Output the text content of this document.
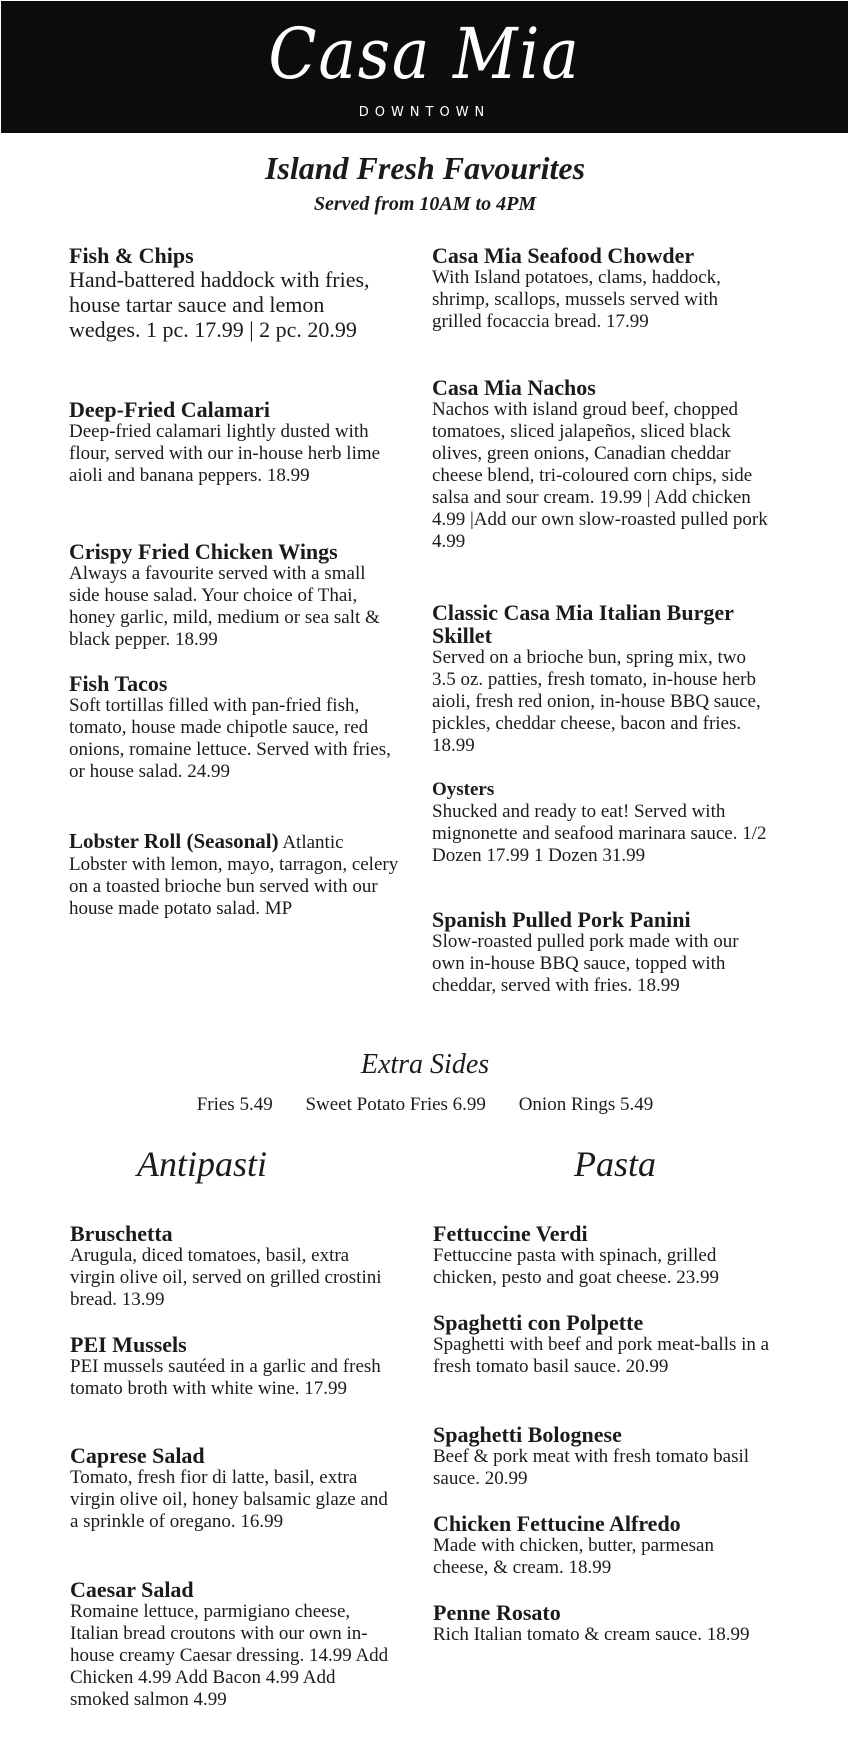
Casa Mia
DOWNTOWN
Island Fresh Favourites
Served from 10AM to 4PM
Fish & Chips
Hand-battered haddock with fries, house tartar sauce and lemon wedges. 1 pc. 17.99 | 2 pc. 20.99
Deep-Fried Calamari
Deep-fried calamari lightly dusted with flour, served with our in-house herb lime aioli and banana peppers. 18.99
Crispy Fried Chicken Wings
Always a favourite served with a small side house salad. Your choice of Thai, honey garlic, mild, medium or sea salt & black pepper. 18.99
Fish Tacos
Soft tortillas filled with pan-fried fish, tomato, house made chipotle sauce, red onions, romaine lettuce. Served with fries, or house salad. 24.99
Lobster Roll (Seasonal) Atlantic Lobster with lemon, mayo, tarragon, celery on a toasted brioche bun served with our house made potato salad. MP
Casa Mia Seafood Chowder
With Island potatoes, clams, haddock, shrimp, scallops, mussels served with grilled focaccia bread. 17.99
Casa Mia Nachos
Nachos with island groud beef, chopped tomatoes, sliced jalapeños, sliced black olives, green onions, Canadian cheddar cheese blend, tri-coloured corn chips, side salsa and sour cream. 19.99 | Add chicken 4.99 |Add our own slow-roasted pulled pork 4.99
Classic Casa Mia Italian Burger Skillet
Served on a brioche bun, spring mix, two 3.5 oz. patties, fresh tomato, in-house herb aioli, fresh red onion, in-house BBQ sauce, pickles, cheddar cheese, bacon and fries. 18.99
Oysters
Shucked and ready to eat! Served with mignonette and seafood marinara sauce. 1/2 Dozen 17.99 1 Dozen 31.99
Spanish Pulled Pork Panini
Slow-roasted pulled pork made with our own in-house BBQ sauce, topped with cheddar, served with fries. 18.99
Extra Sides
Fries 5.49 Sweet Potato Fries 6.99 Onion Rings 5.49
Antipasti	Pasta
Bruschetta
Arugula, diced tomatoes, basil, extra virgin olive oil, served on grilled crostini bread. 13.99
PEI Mussels
PEI mussels sautéed in a garlic and fresh tomato broth with white wine. 17.99
Caprese Salad
Tomato, fresh fior di latte, basil, extra virgin olive oil, honey balsamic glaze and a sprinkle of oregano. 16.99
Caesar Salad
Romaine lettuce, parmigiano cheese, Italian bread croutons with our own in-house creamy Caesar dressing. 14.99 Add Chicken 4.99 Add Bacon 4.99 Add smoked salmon 4.99
Fettuccine Verdi
Fettuccine pasta with spinach, grilled chicken, pesto and goat cheese. 23.99
Spaghetti con Polpette
Spaghetti with beef and pork meat-balls in a fresh tomato basil sauce. 20.99
Spaghetti Bolognese
Beef & pork meat with fresh tomato basil sauce. 20.99
Chicken Fettucine Alfredo
Made with chicken, butter, parmesan cheese, & cream. 18.99
Penne Rosato
Rich Italian tomato & cream sauce. 18.99
